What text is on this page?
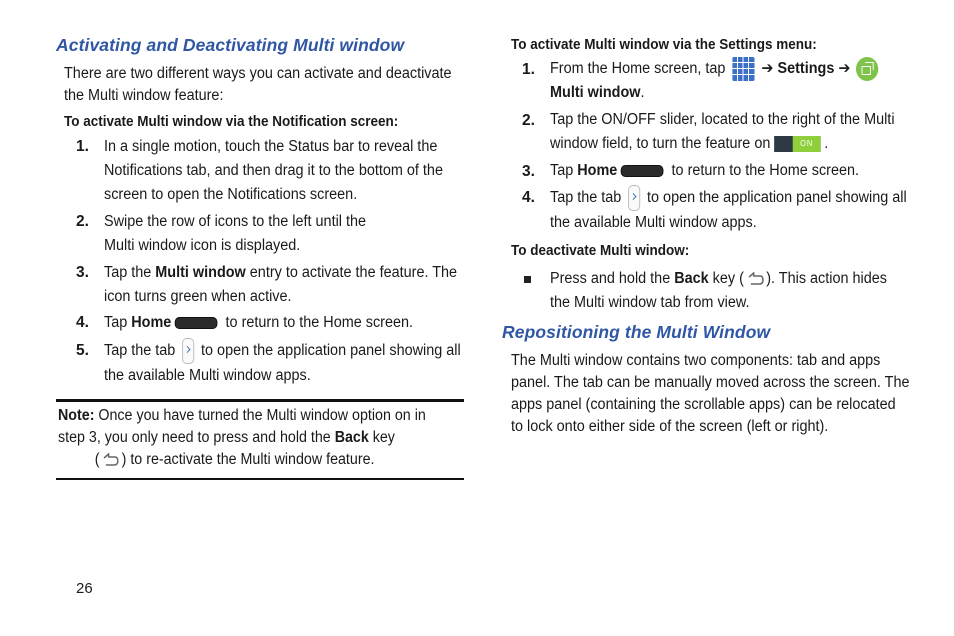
Activating and Deactivating Multi window
There are two different ways you can activate and deactivate the Multi window feature:
To activate Multi window via the Notification screen:
1. In a single motion, touch the Status bar to reveal the Notifications tab, and then drag it to the bottom of the screen to open the Notifications screen.
2. Swipe the row of icons to the left until the
Multi window icon is displayed.
3. Tap the Multi window entry to activate the feature. The icon turns green when active.
4. Tap Home	to return to the Home screen.
5. Tap the tab  to open the application panel showing all the available Multi window apps.
Note: Once you have turned the Multi window option on in step 3, you only need to press and hold the Back key
( ) to re-activate the Multi window feature.
To activate Multi window via the Settings menu:
1. From the Home screen, tap  ➔ Settings ➔
Multi window.
2. Tap the ON/OFF slider, located to the right of the Multi window field, to turn the feature on	ON .
3. Tap Home	to return to the Home screen.
4. Tap the tab  to open the application panel showing all the available Multi window apps.
To deactivate Multi window:
Press and hold the Back key ( ). This action hides the Multi window tab from view.
Repositioning the Multi Window
The Multi window contains two components: tab and apps panel. The tab can be manually moved across the screen. The apps panel (containing the scrollable apps) can be relocated to lock onto either side of the screen (left or right).
26
